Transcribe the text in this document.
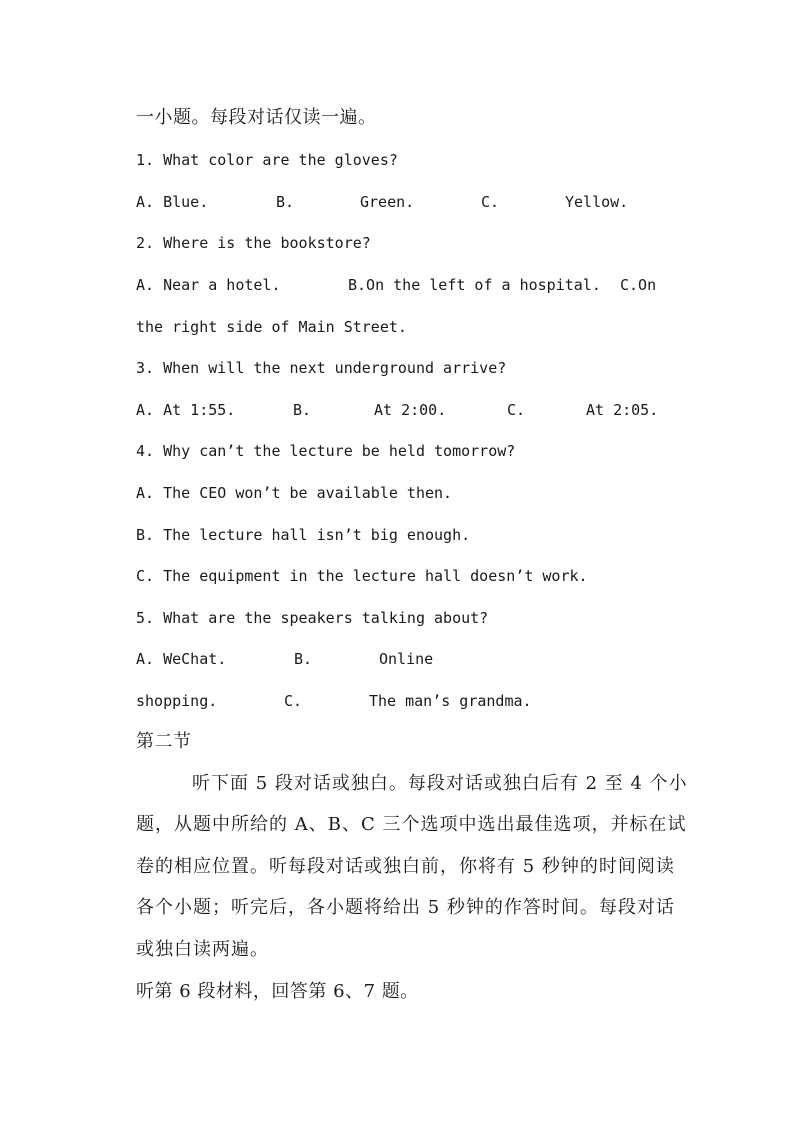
一小题。每段对话仅读一遍。
1. What color are the gloves?
A. Blue.	B.	Green.	C.	Yellow.
2. Where is the bookstore?
A. Near a hotel.	B.On the left of a hospital. C.On
the right side of Main Street.
3. When will the next underground arrive?
A. At 1:55.	B.	At 2:00.	C.	At 2:05.
4. Why can’t the lecture be held tomorrow?
A. The CEO won’t be available then.
B. The lecture hall isn’t big enough.
C. The equipment in the lecture hall doesn’t work.
5. What are the speakers talking about?
A. WeChat.	B.	Online
shopping.	C.	The man’s grandma.
第二节
听下面 5 段对话或独白。每段对话或独白后有 2 至 4 个小
题，从题中所给的 A、B、C 三个选项中选出最佳选项，并标在试
卷的相应位置。听每段对话或独白前，你将有 5 秒钟的时间阅读
各个小题；听完后，各小题将给出 5 秒钟的作答时间。每段对话
或独白读两遍。
听第 6 段材料，回答第 6、7 题。
